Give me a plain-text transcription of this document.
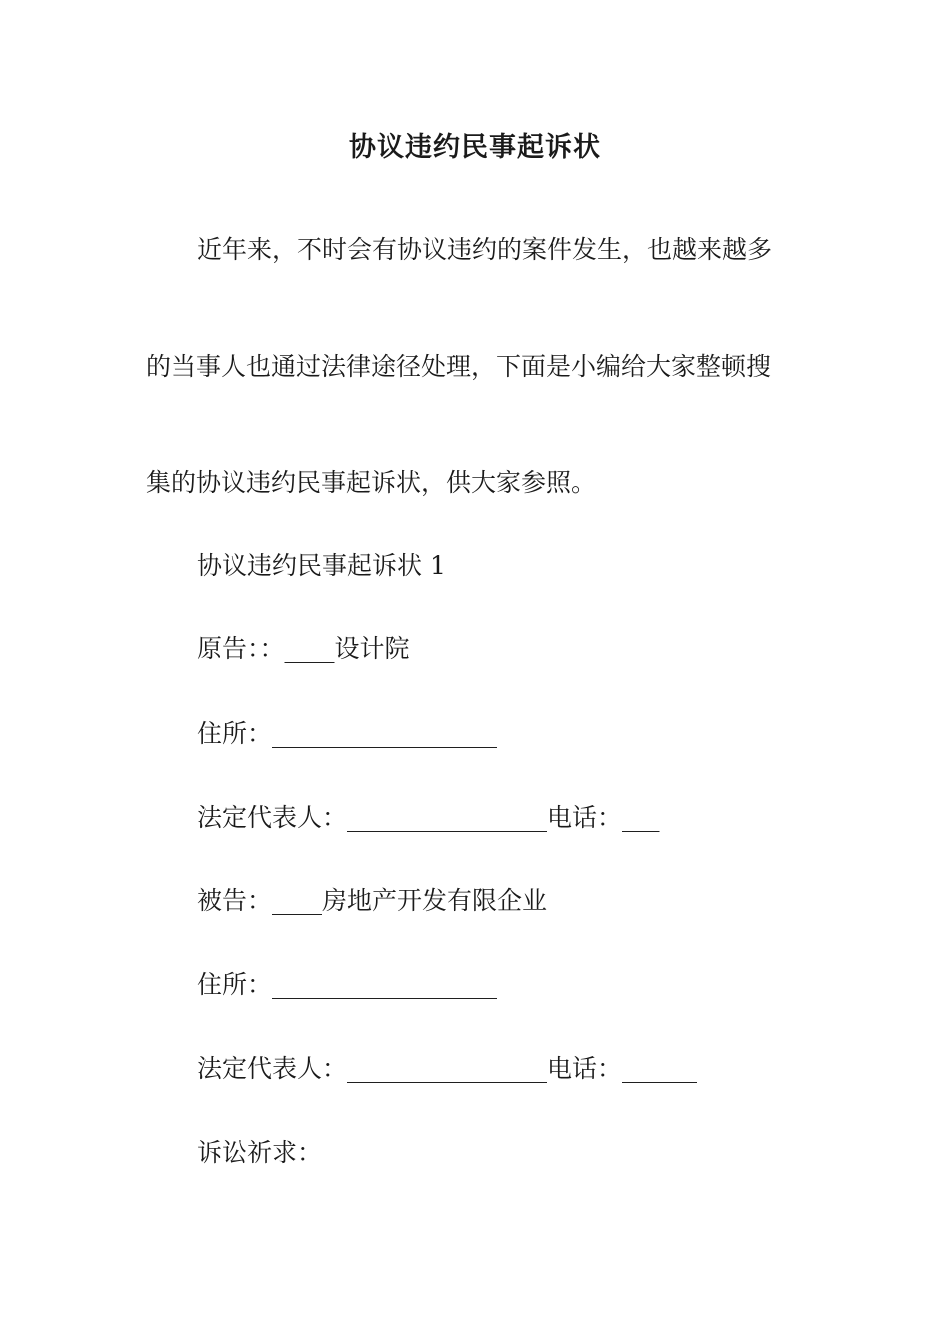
协议违约民事起诉状
近年来，不时会有协议违约的案件发生，也越来越多
的当事人也通过法律途径处理，下面是小编给大家整顿搜
集的协议违约民事起诉状，供大家参照。
协议违约民事起诉状 1
原告：：____设计院
住所：__________________
法定代表人：________________电话：___
被告：____房地产开发有限企业
住所：__________________
法定代表人：________________电话：______
诉讼祈求：
